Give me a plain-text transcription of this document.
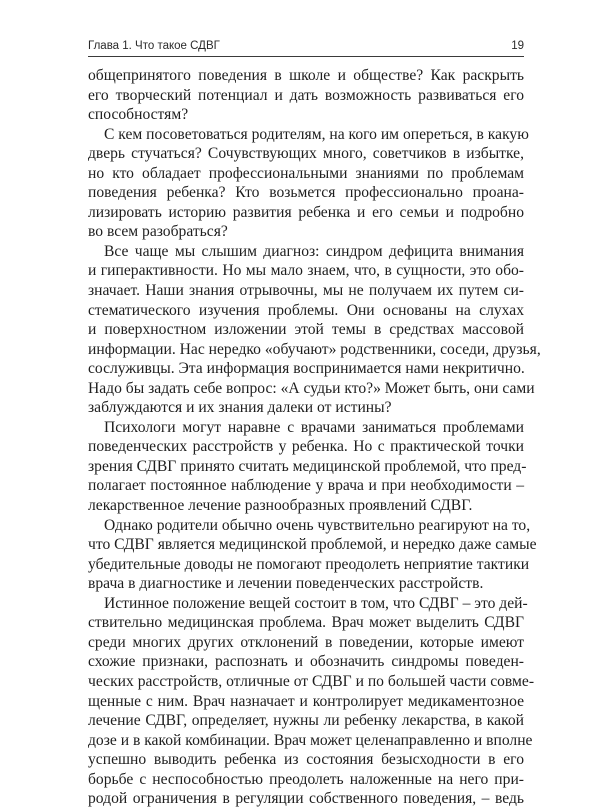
Глава 1. Что такое СДВГ	19
общепринятого поведения в школе и обществе? Как раскрыть
его творческий потенциал и дать возможность развиваться его
способностям?
С кем посоветоваться родителям, на кого им опереться, в какую
дверь стучаться? Сочувствующих много, советчиков в избытке,
но кто обладает профессиональными знаниями по проблемам
поведения ребенка? Кто возьмется профессионально проана-
лизировать историю развития ребенка и его семьи и подробно
во всем разобраться?
Все чаще мы слышим диагноз: синдром дефицита внимания
и гиперактивности. Но мы мало знаем, что, в сущности, это обо-
значает. Наши знания отрывочны, мы не получаем их путем си-
стематического изучения проблемы. Они основаны на слухах
и поверхностном изложении этой темы в средствах массовой
информации. Нас нередко «обучают» родственники, соседи, друзья,
сослуживцы. Эта информация воспринимается нами некритично.
Надо бы задать себе вопрос: «А судьи кто?» Может быть, они сами
заблуждаются и их знания далеки от истины?
Психологи могут наравне с врачами заниматься проблемами
поведенческих расстройств у ребенка. Но с практической точки
зрения СДВГ принято считать медицинской проблемой, что пред-
полагает постоянное наблюдение у врача и при необходимости –
лекарственное лечение разнообразных проявлений СДВГ.
Однако родители обычно очень чувствительно реагируют на то,
что СДВГ является медицинской проблемой, и нередко даже самые
убедительные доводы не помогают преодолеть неприятие тактики
врача в диагностике и лечении поведенческих расстройств.
Истинное положение вещей состоит в том, что СДВГ – это дей-
ствительно медицинская проблема. Врач может выделить СДВГ
среди многих других отклонений в поведении, которые имеют
схожие признаки, распознать и обозначить синдромы поведен-
ческих расстройств, отличные от СДВГ и по большей части совме-
щенные с ним. Врач назначает и контролирует медикаментозное
лечение СДВГ, определяет, нужны ли ребенку лекарства, в какой
дозе и в какой комбинации. Врач может целенаправленно и вполне
успешно выводить ребенка из состояния безысходности в его
борьбе с неспособностью преодолеть наложенные на него при-
родой ограничения в регуляции собственного поведения, – ведь
